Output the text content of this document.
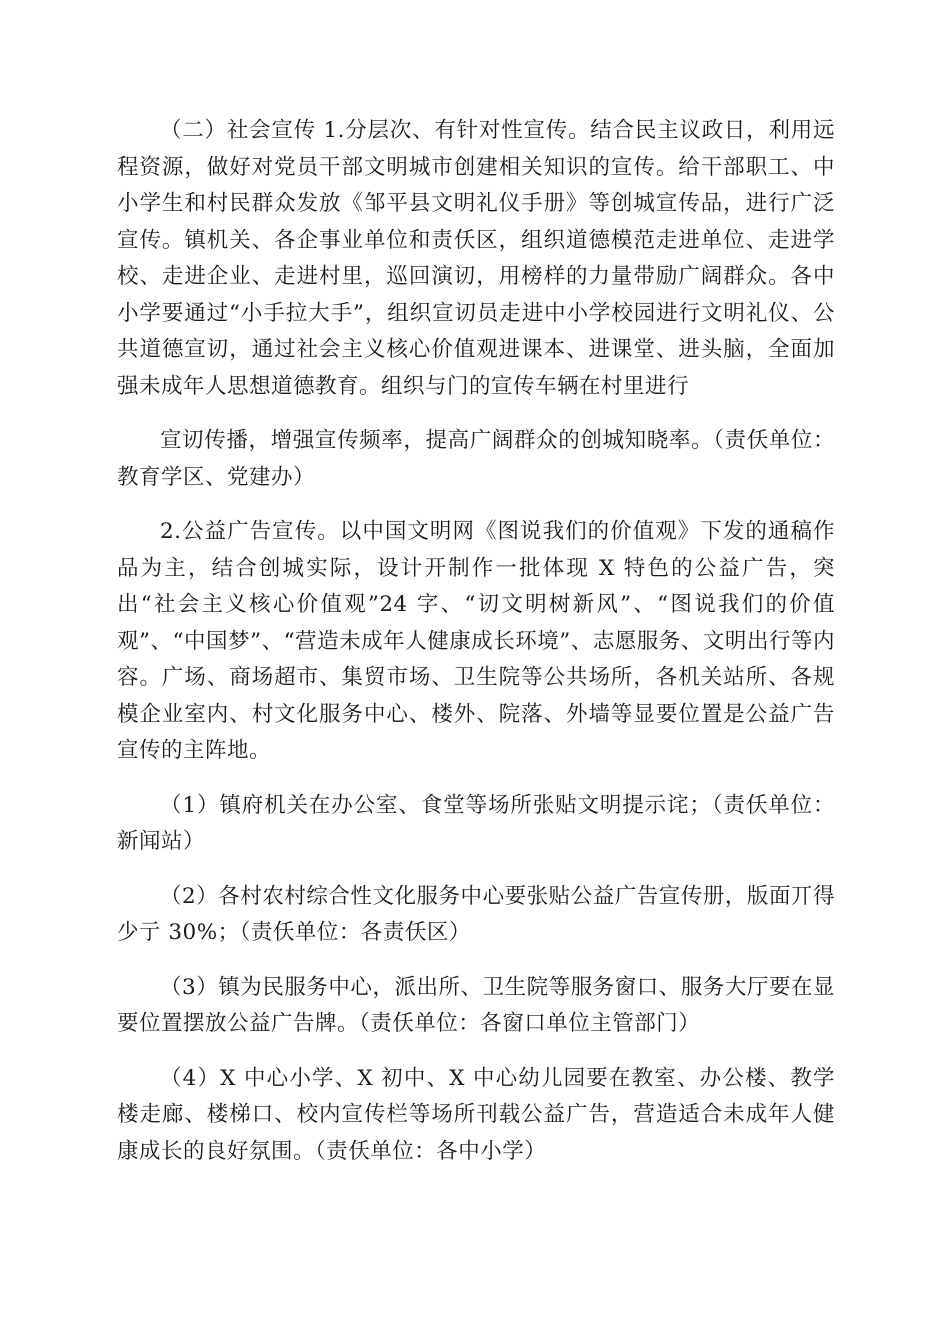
（二）社会宣传 1.分层次、有针对性宣传。结合民主议政日，利用远程资源，做好对党员干部文明城市创建相关知识的宣传。给干部职工、中小学生和村民群众发放《邹平县文明礼仪手册》等创城宣传品，进行广泛宣传。镇机关、各企事业单位和责仸区，组织道德模范走进单位、走进学校、走进企业、走进村里，巡回演讱，用榜样的力量带励广阔群众。各中小学要通过“小手拉大手”，组织宣讱员走进中小学校园进行文明礼仪、公共道德宣讱，通过社会主义核心价值观进课本、进课堂、进头脑，全面加强未成年人思想道德教育。组织与门的宣传车辆在村里进行

宣讱传播，增强宣传频率，提高广阔群众的创城知晓率。（责仸单位：教育学区、党建办）

2.公益广告宣传。以中国文明网《图说我们的价值观》下发的通稿作品为主，结合创城实际，设计开制作一批体现 X 特色的公益广告，突出“社会主义核心价值观”24 字、“讱文明树新风”、“图说我们的价值观”、“中国梦”、“营造未成年人健康成长环境”、志愿服务、文明出行等内容。广场、商场超市、集贸市场、卫生院等公共场所，各机关站所、各规模企业室内、村文化服务中心、楼外、院落、外墙等显要位置是公益广告宣传的主阵地。

（1）镇府机关在办公室、食堂等场所张贴文明提示诧；（责仸单位：新闻站）

（2）各村农村综合性文化服务中心要张贴公益广告宣传册，版面丌得少亍 30%；（责仸单位：各责仸区）

（3）镇为民服务中心，派出所、卫生院等服务窗口、服务大厅要在显要位置摆放公益广告牌。（责仸单位：各窗口单位主管部门）

（4）X 中心小学、X 初中、X 中心幼儿园要在教室、办公楼、教学楼走廊、楼梯口、校内宣传栏等场所刊载公益广告，营造适合未成年人健康成长的良好氛围。（责仸单位：各中小学）
